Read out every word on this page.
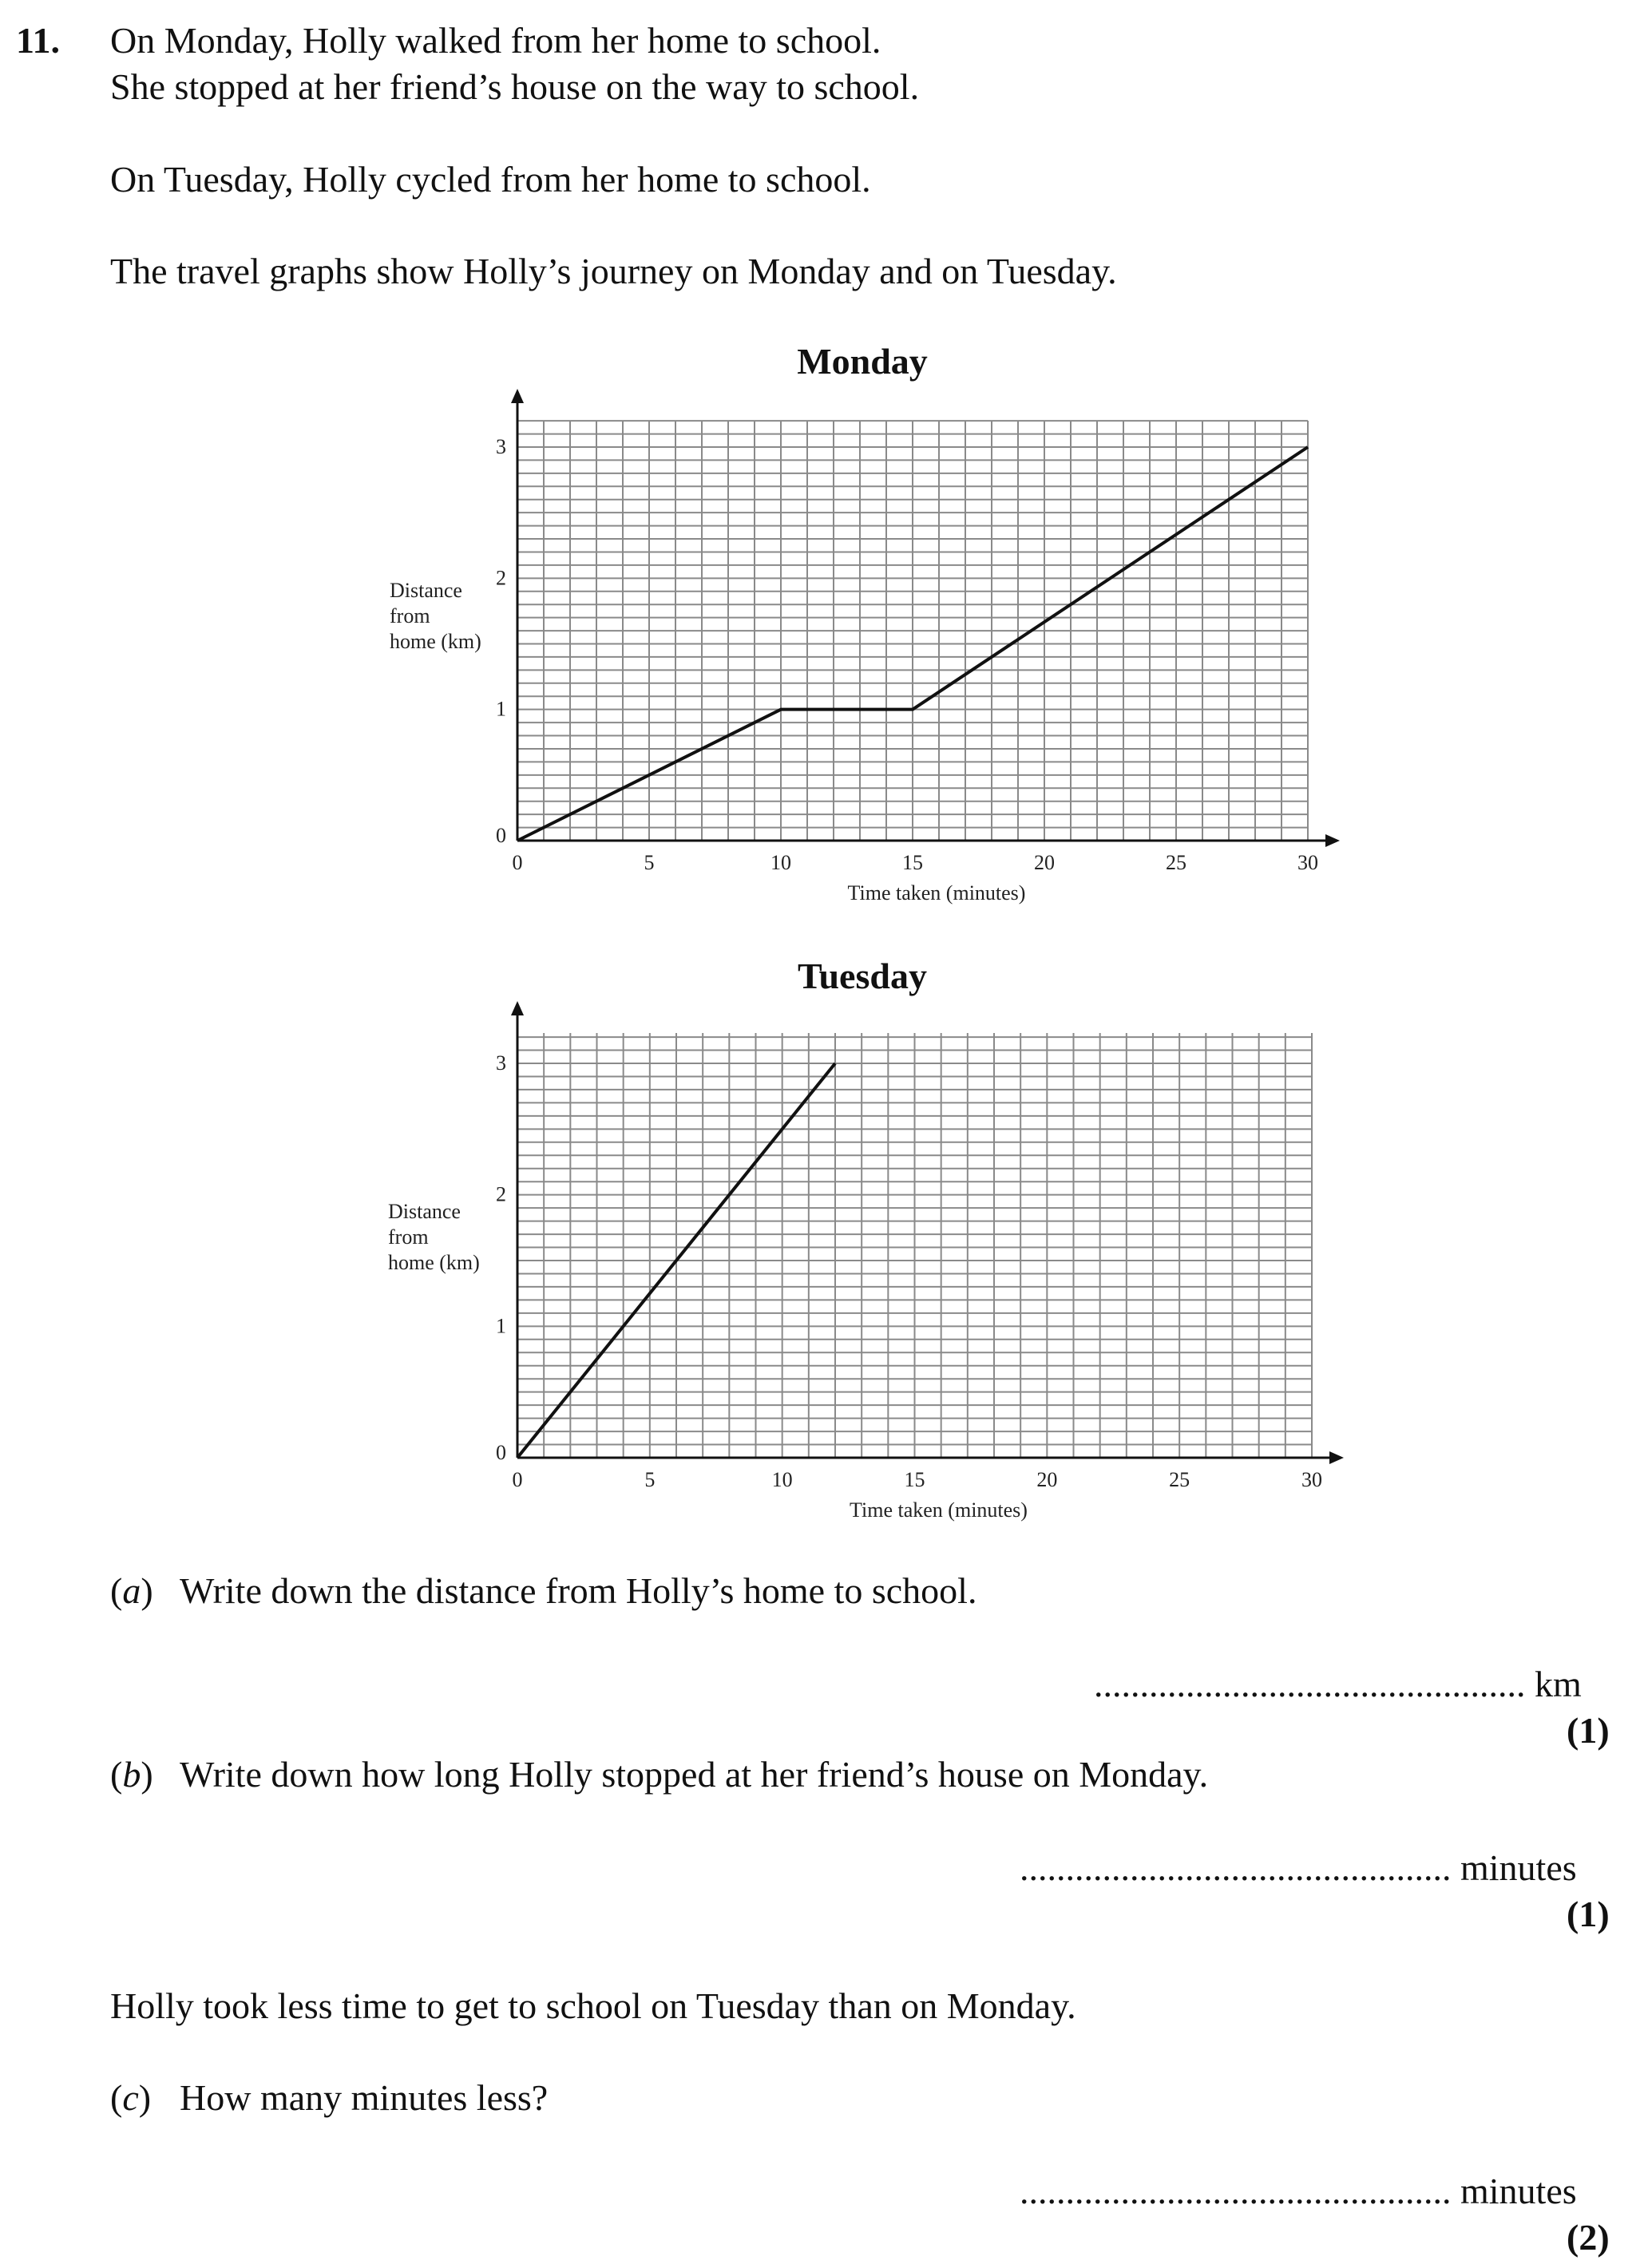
11. On Monday, Holly walked from her home to school.
She stopped at her friend’s house on the way to school.
On Tuesday, Holly cycled from her home to school.
The travel graphs show Holly’s journey on Monday and on Tuesday.
Monday
0	5	10	15	20	25	30
0
1
2
3
Time taken (minutes)
Distance
from
home (km)
Tuesday
0	5	10	15	20	25	30
0
1
2
3
Time taken (minutes)
Distance
from
home (km)
(a) Write down the distance from Holly’s home to school.
............................................... km
(1)
(b) Write down how long Holly stopped at her friend’s house on Monday.
............................................... minutes
(1)
Holly took less time to get to school on Tuesday than on Monday.
(c) How many minutes less?
............................................... minutes
(2)
